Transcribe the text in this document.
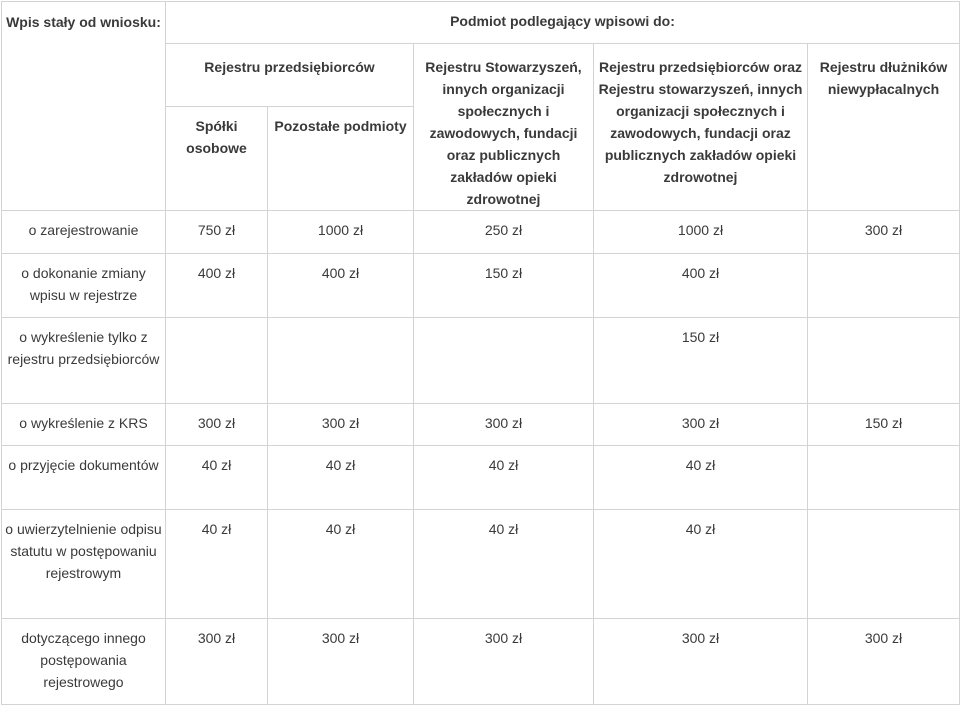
Wpis stały od wniosku:	Podmiot podlegający wpisowi do:				
	Rejestru przedsiębiorców		Rejestru Stowarzyszeń, innych organizacji społecznych i zawodowych, fundacji oraz publicznych zakładów opieki zdrowotnej	Rejestru przedsiębiorców oraz Rejestru stowarzyszeń, innych organizacji społecznych i zawodowych, fundacji oraz publicznych zakładów opieki zdrowotnej	Rejestru dłużników niewypłacalnych
	Spółki osobowe	Pozostałe podmioty			
o zarejestrowanie	750 zł	1000 zł	250 zł	1000 zł	300 zł
o dokonanie zmiany wpisu w rejestrze	400 zł	400 zł	150 zł	400 zł	
o wykreślenie tylko z rejestru przedsiębiorców				150 zł	
o wykreślenie z KRS	300 zł	300 zł	300 zł	300 zł	150 zł
o przyjęcie dokumentów	40 zł	40 zł	40 zł	40 zł	
o uwierzytelnienie odpisu statutu w postępowaniu rejestrowym	40 zł	40 zł	40 zł	40 zł	
dotyczącego innego postępowania rejestrowego	300 zł	300 zł	300 zł	300 zł	300 zł
